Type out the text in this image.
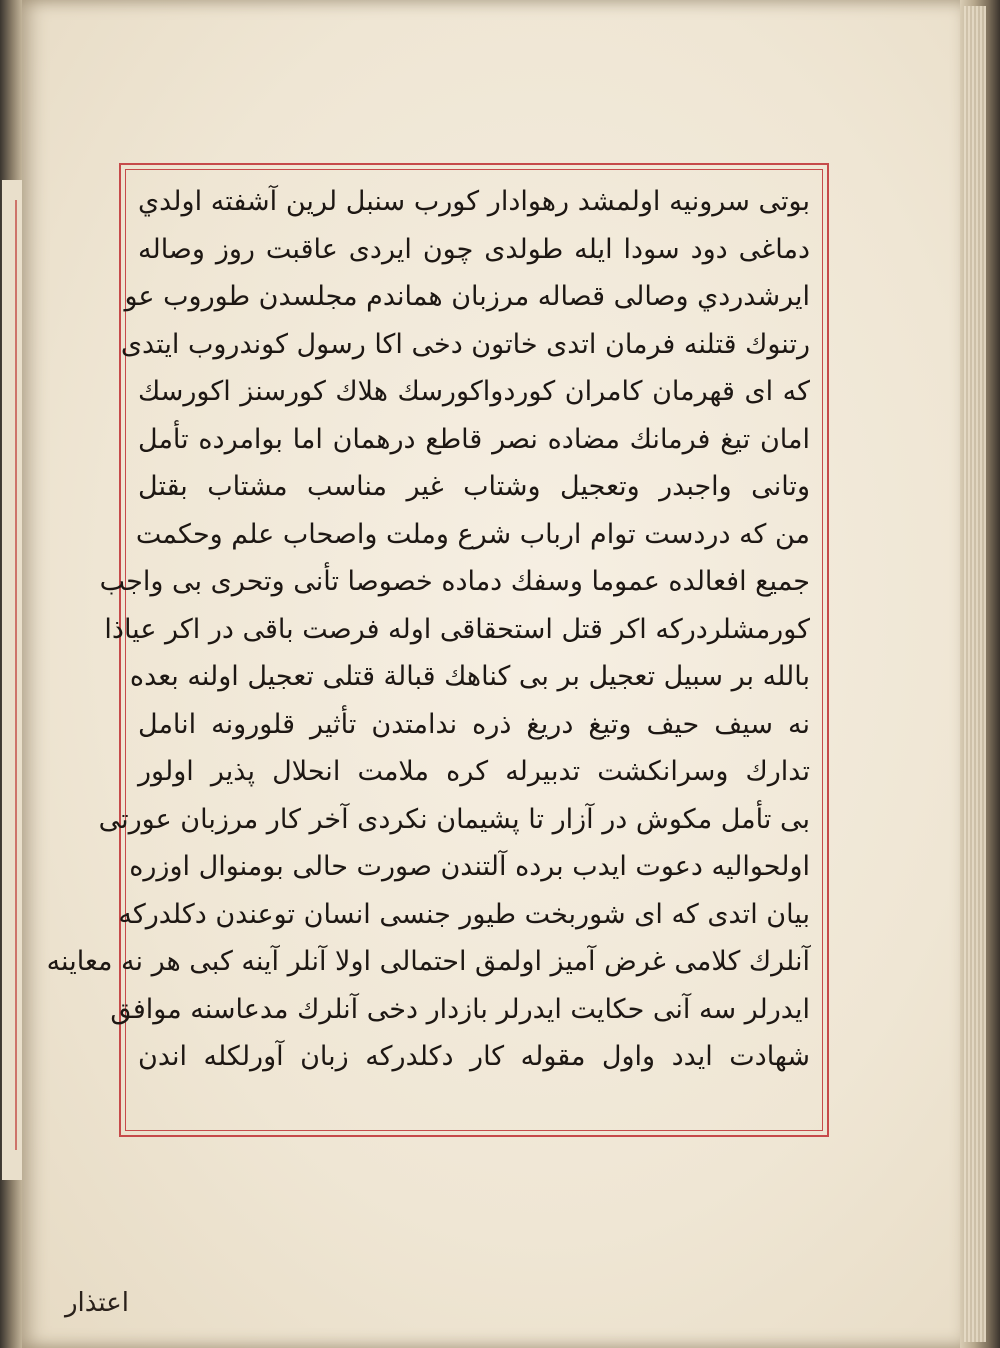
بوتى سرونيه اولمشد رهوادار كورب سنبل لرين آشفته اولدي
دماغى دود سودا ايله طولدى چون ايردى عاقبت روز وصاله
ايرشدردي وصالى قصاله مرزبان هماندم مجلسدن طوروب عو
رتنوك قتلنه فرمان اتدى خاتون دخى اكا رسول كوندروب ايتدى
كه اى قهرمان كامران كوردواكورسك هلاك كورسنز اكورسك
امان تيغ فرمانك مضاده نصر قاطع درهمان اما بوامرده تأمل
وتانى واجبدر وتعجيل وشتاب غير مناسب مشتاب بقتل
من كه دردست توام ارباب شرع وملت واصحاب علم وحكمت
جميع افعالده عموما وسفك دماده خصوصا تأنى وتحرى بى واجب
كورمشلردركه اكر قتل استحقاقى اوله فرصت باقى در اكر عياذا
بالله بر سبيل تعجيل بر بى كناهك قبالة قتلى تعجيل اولنه بعده
نه سيف حيف وتيغ دريغ ذره ندامتدن تأثير قلورونه انامل
تدارك وسرانكشت تدبيرله كره ملامت انحلال پذير اولور
بى تأمل مكوش در آزار تا پشيمان نكردى آخر كار مرزبان عورتى
اولحواليه دعوت ايدب برده آلتندن صورت حالى بومنوال اوزره
بيان اتدى كه اى شوربخت طيور جنسى انسان توعندن دكلدركه
آنلرك كلامى غرض آميز اولمق احتمالى اولا آنلر آينه كبى هر نه معاينه
ايدرلر سه آنى حكايت ايدرلر بازدار دخى آنلرك مدعاسنه موافق
شهادت ايدد واول مقوله كار دكلدركه زبان آورلكله اندن
اعتذار
